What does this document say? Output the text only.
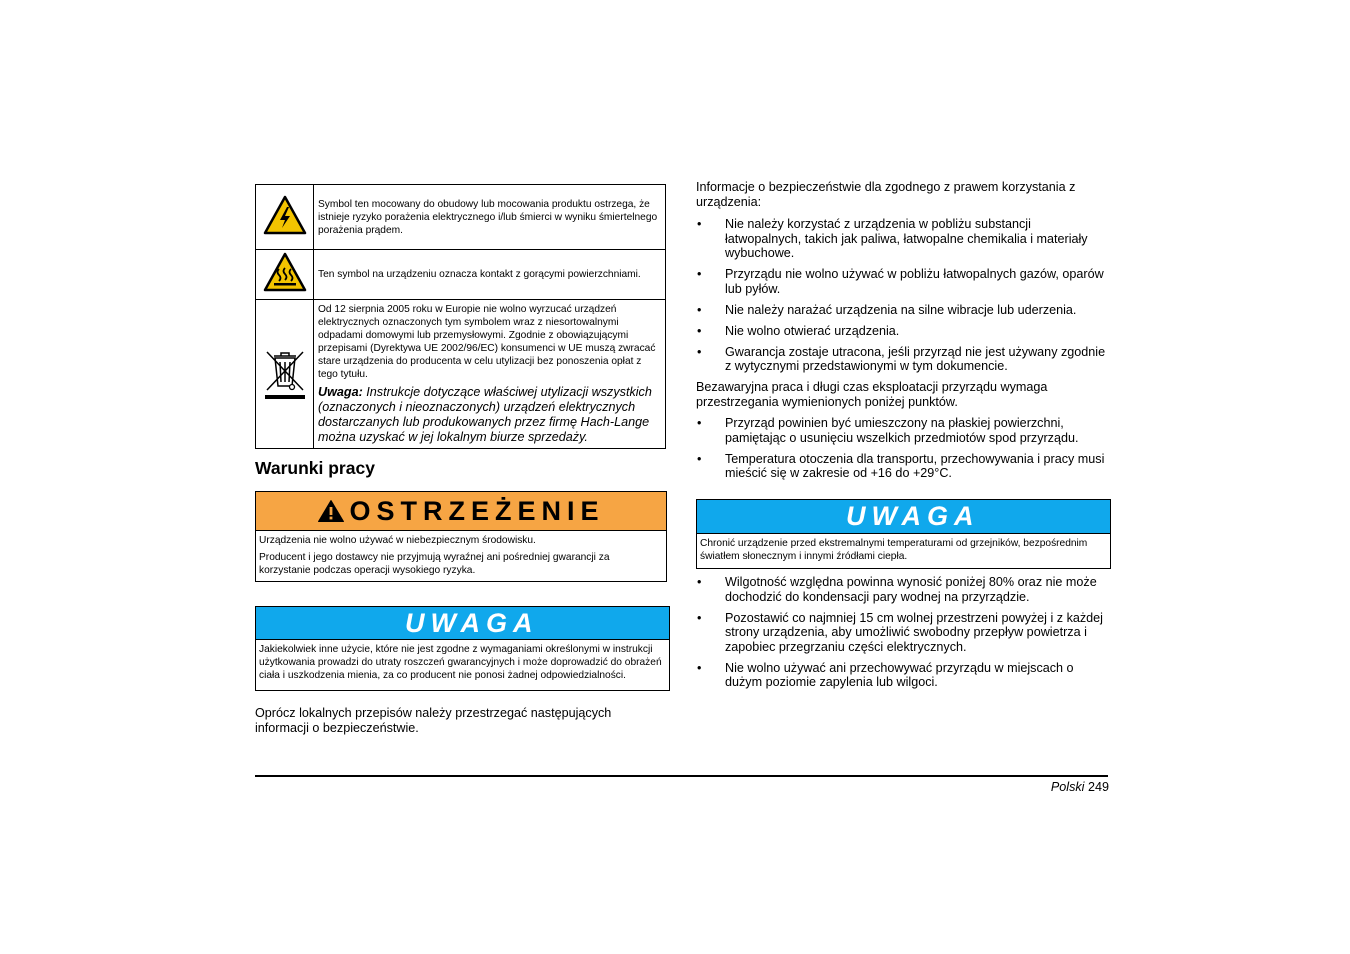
	Symbol ten mocowany do obudowy lub mocowania produktu ostrzega, że istnieje ryzyko porażenia elektrycznego i/lub śmierci w wyniku śmiertelnego porażenia prądem.
	Ten symbol na urządzeniu oznacza kontakt z gorącymi powierzchniami.

Od 12 sierpnia 2005 roku w Europie nie wolno wyrzucać urządzeń elektrycznych oznaczonych tym symbolem wraz z niesortowalnymi odpadami domowymi lub przemysłowymi. Zgodnie z obowiązującymi przepisami (Dyrektywa UE 2002/96/EC) konsumenci w UE muszą zwracać stare urządzenia do producenta w celu utylizacji bez ponoszenia opłat z tego tytułu.

Uwaga: Instrukcje dotyczące właściwej utylizacji wszystkich (oznaczonych i nieoznaczonych) urządzeń elektrycznych dostarczanych lub produkowanych przez firmę Hach-Lange można uzyskać w jej lokalnym biurze sprzedaży.

Warunki pracy
OSTRZEŻENIE

Urządzenia nie wolno używać w niebezpiecznym środowisku.

Producent i jego dostawcy nie przyjmują wyraźnej ani pośredniej gwarancji za korzystanie podczas operacji wysokiego ryzyka.

UWAGA

Jakiekolwiek inne użycie, które nie jest zgodne z wymaganiami określonymi w instrukcji użytkowania prowadzi do utraty roszczeń gwarancyjnych i może doprowadzić do obrażeń ciała i uszkodzenia mienia, za co producent nie ponosi żadnej odpowiedzialności.

Oprócz lokalnych przepisów należy przestrzegać następujących informacji o bezpieczeństwie.

Informacje o bezpieczeństwie dla zgodnego z prawem korzystania z urządzenia:

• Nie należy korzystać z urządzenia w pobliżu substancji łatwopalnych, takich jak paliwa, łatwopalne chemikalia i materiały wybuchowe.
• Przyrządu nie wolno używać w pobliżu łatwopalnych gazów, oparów lub pyłów.
• Nie należy narażać urządzenia na silne wibracje lub uderzenia.
• Nie wolno otwierać urządzenia.
• Gwarancja zostaje utracona, jeśli przyrząd nie jest używany zgodnie z wytycznymi przedstawionymi w tym dokumencie.

Bezawaryjna praca i długi czas eksploatacji przyrządu wymaga przestrzegania wymienionych poniżej punktów.

• Przyrząd powinien być umieszczony na płaskiej powierzchni, pamiętając o usunięciu wszelkich przedmiotów spod przyrządu.
• Temperatura otoczenia dla transportu, przechowywania i pracy musi mieścić się w zakresie od +16 do +29°C.
UWAGA

Chronić urządzenie przed ekstremalnymi temperaturami od grzejników, bezpośrednim światłem słonecznym i innymi źródłami ciepła.

• Wilgotność względna powinna wynosić poniżej 80% oraz nie może dochodzić do kondensacji pary wodnej na przyrządzie.
• Pozostawić co najmniej 15 cm wolnej przestrzeni powyżej i z każdej strony urządzenia, aby umożliwić swobodny przepływ powietrza i zapobiec przegrzaniu części elektrycznych.
• Nie wolno używać ani przechowywać przyrządu w miejscach o dużym poziomie zapylenia lub wilgoci.
Polski 249
